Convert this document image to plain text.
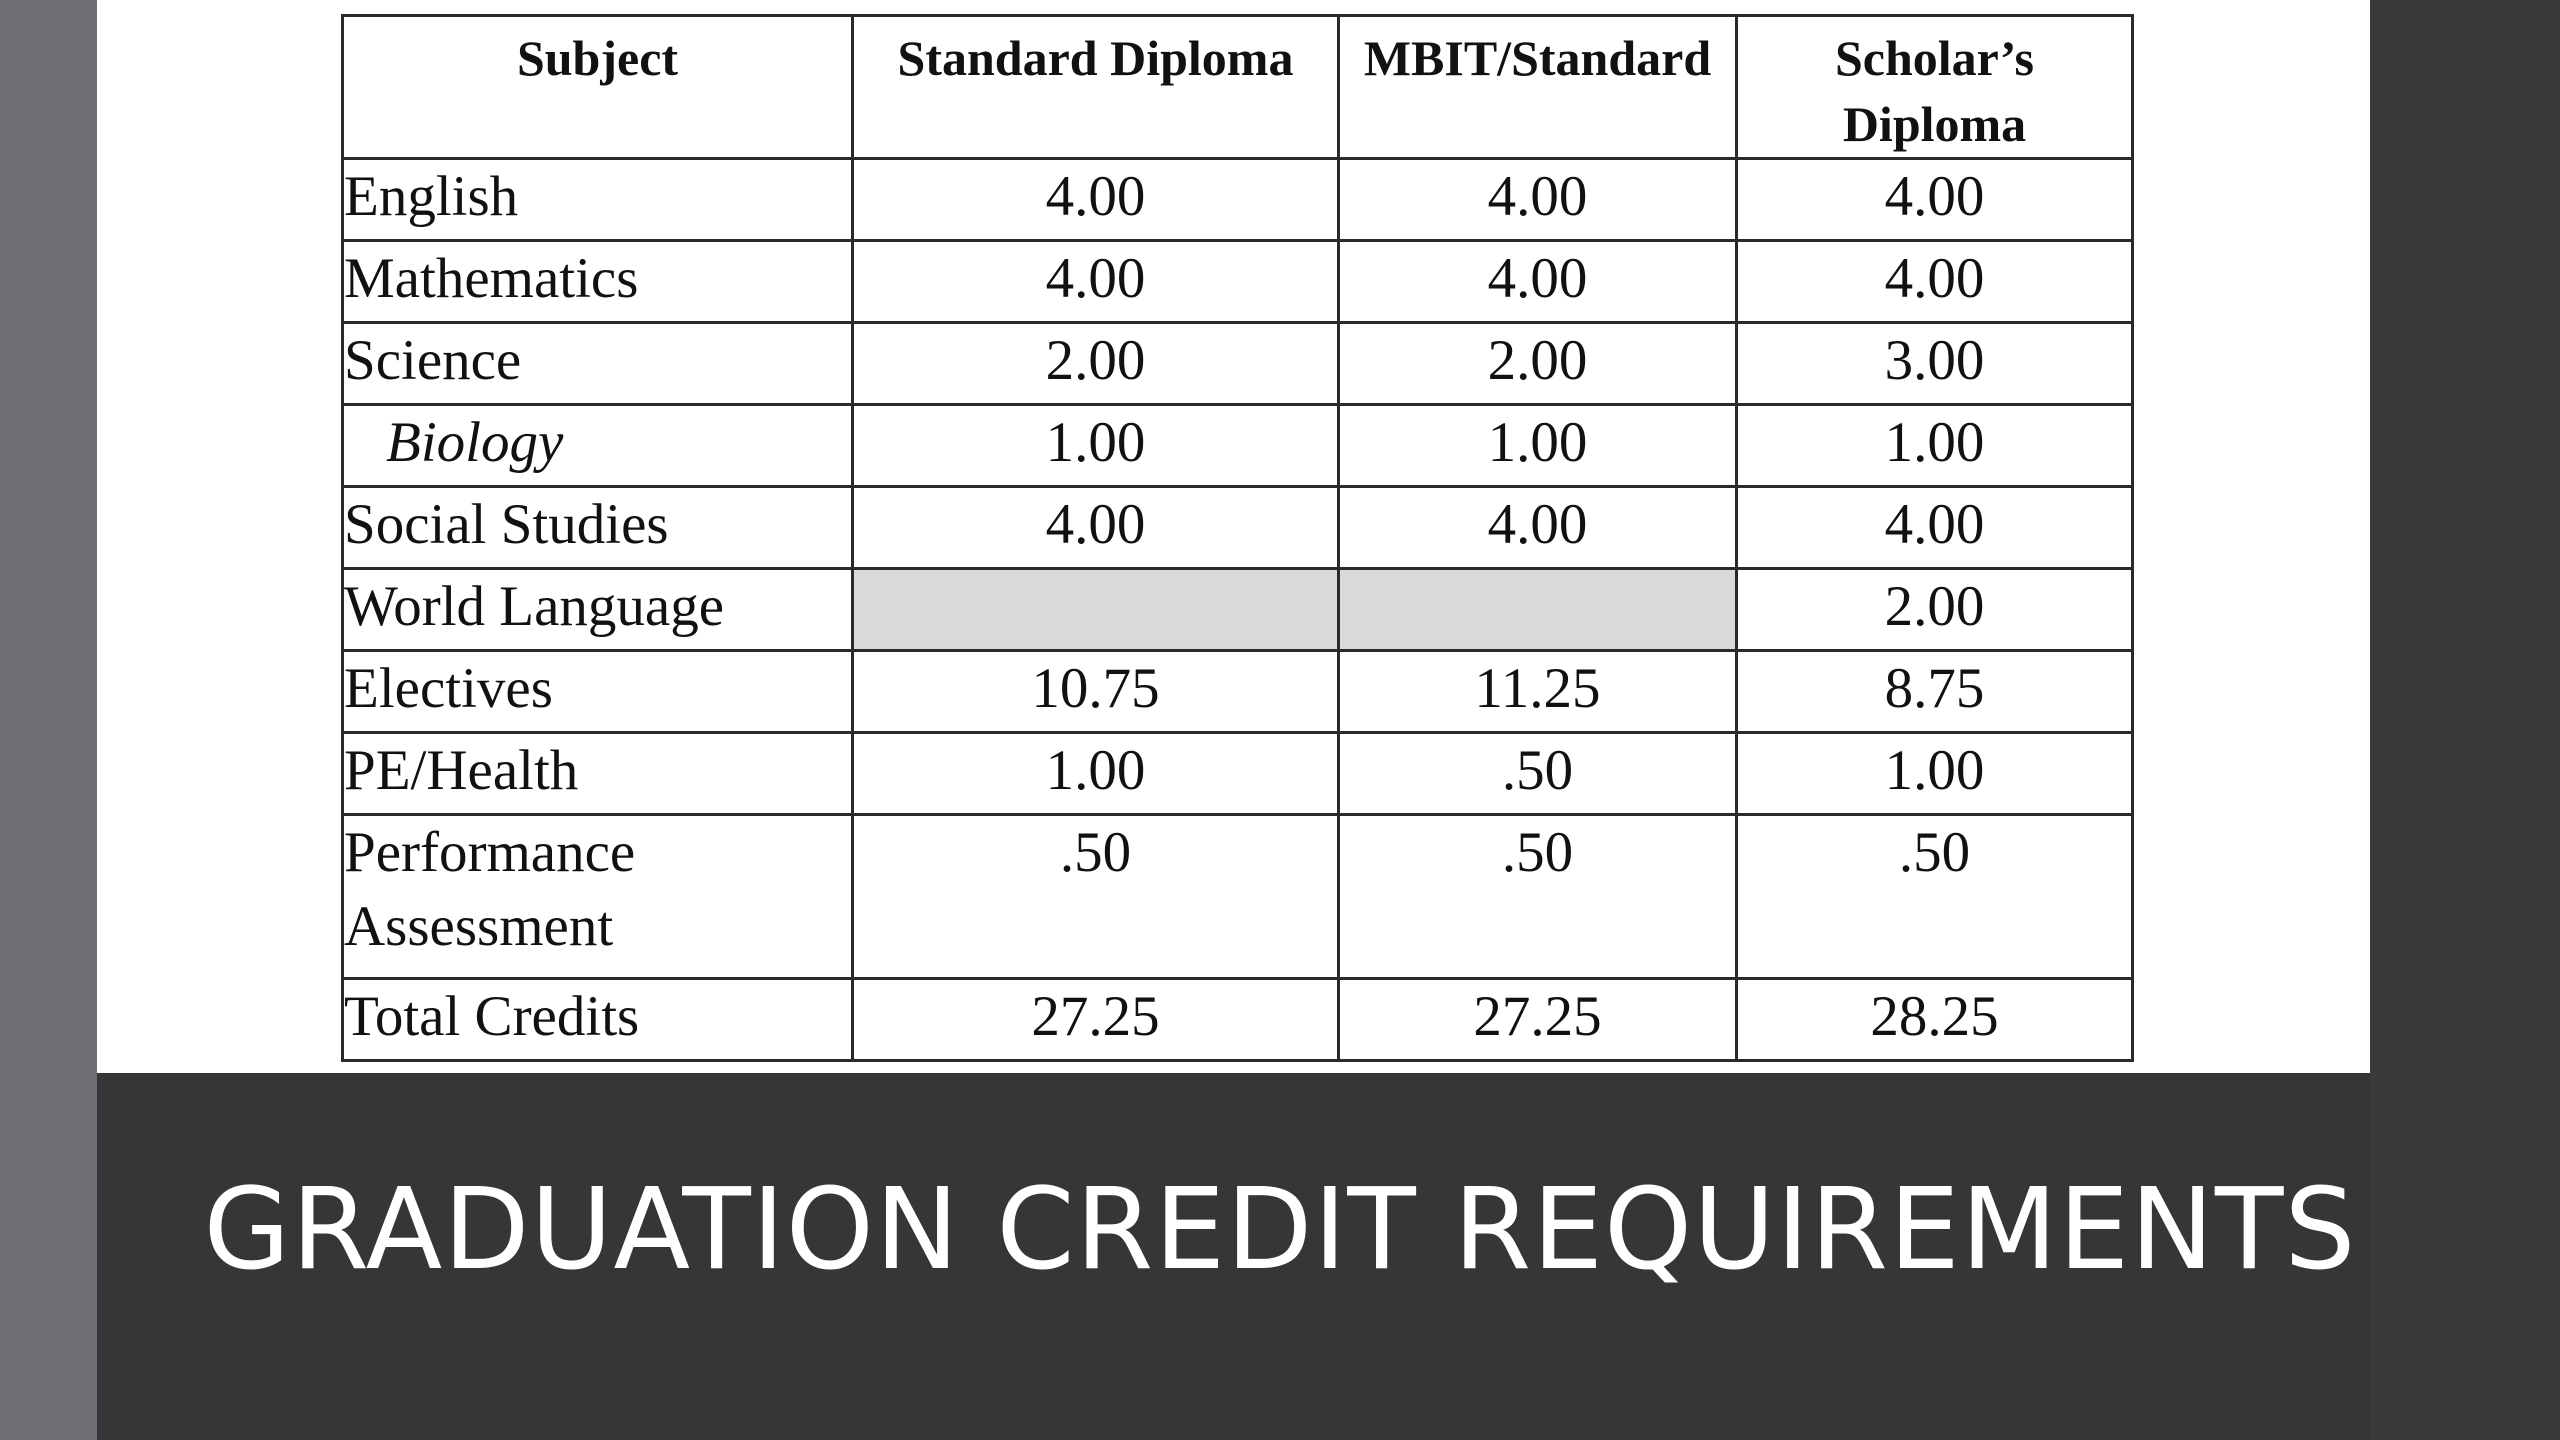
Subject	Standard Diploma	MBIT/Standard	Scholar’s Diploma
English	4.00	4.00	4.00
Mathematics	4.00	4.00	4.00
Science	2.00	2.00	3.00
Biology	1.00	1.00	1.00
Social Studies	4.00	4.00	4.00
World Language			2.00
Electives	10.75	11.25	8.75
PE/Health	1.00	.50	1.00
Performance Assessment	.50	.50	.50
Total Credits	27.25	27.25	28.25
GRADUATION CREDIT REQUIREMENTS
